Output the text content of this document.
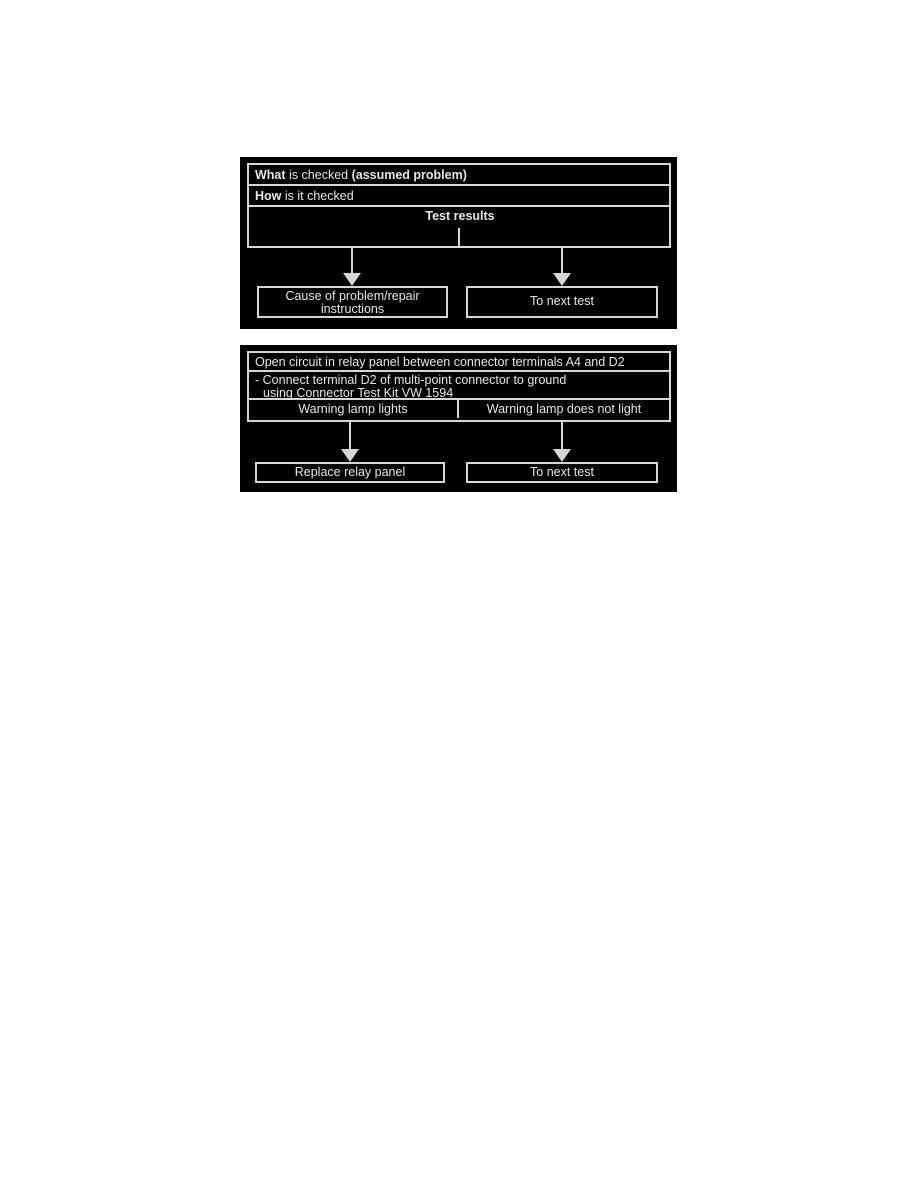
What is checked (assumed problem)
How is it checked
Test results
Cause of problem/repair
instructions
To next test
Open circuit in relay panel between connector terminals A4 and D2
- Connect terminal D2 of multi-point connector to ground
using Connector Test Kit VW 1594
Warning lamp lights	Warning lamp does not light
Replace relay panel	To next test
